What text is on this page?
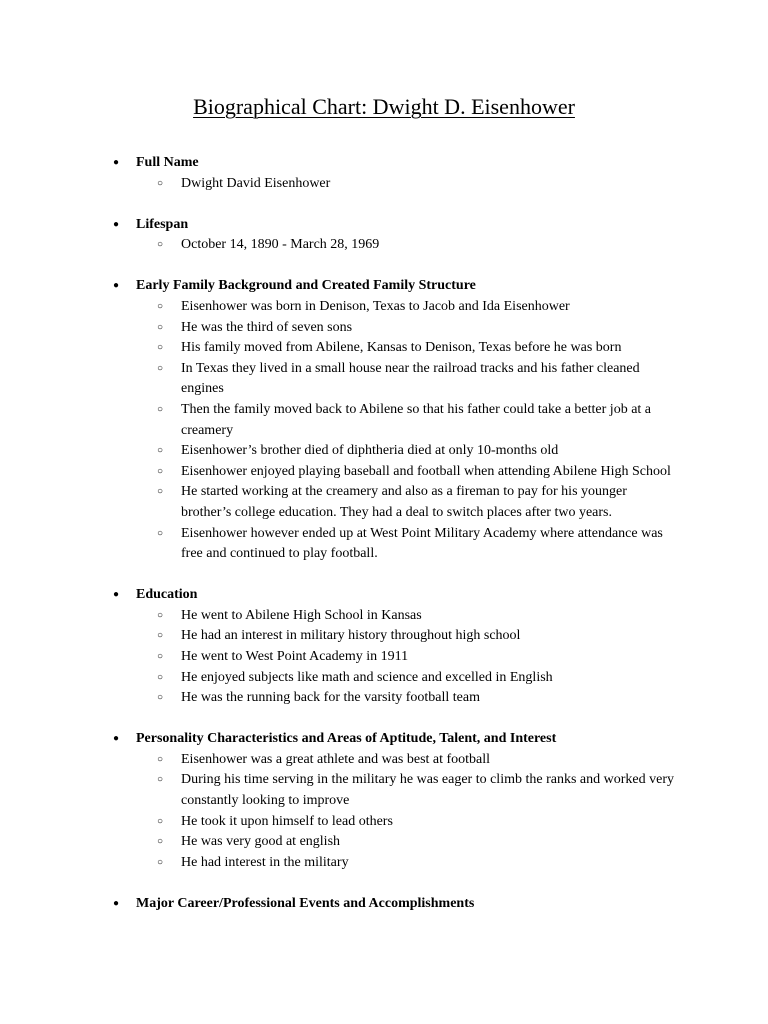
Biographical Chart: Dwight D. Eisenhower
● Full Name
○ Dwight David Eisenhower
● Lifespan
○ October 14, 1890 - March 28, 1969
● Early Family Background and Created Family Structure
○ Eisenhower was born in Denison, Texas to Jacob and Ida Eisenhower
○ He was the third of seven sons
○ His family moved from Abilene, Kansas to Denison, Texas before he was born
○ In Texas they lived in a small house near the railroad tracks and his father cleaned engines
○ Then the family moved back to Abilene so that his father could take a better job at a creamery
○ Eisenhower’s brother died of diphtheria died at only 10-months old
○ Eisenhower enjoyed playing baseball and football when attending Abilene High School
○ He started working at the creamery and also as a fireman to pay for his younger brother’s college education. They had a deal to switch places after two years.
○ Eisenhower however ended up at West Point Military Academy where attendance was free and continued to play football.
● Education
○ He went to Abilene High School in Kansas
○ He had an interest in military history throughout high school
○ He went to West Point Academy in 1911
○ He enjoyed subjects like math and science and excelled in English
○ He was the running back for the varsity football team
● Personality Characteristics and Areas of Aptitude, Talent, and Interest
○ Eisenhower was a great athlete and was best at football
○ During his time serving in the military he was eager to climb the ranks and worked very constantly looking to improve
○ He took it upon himself to lead others
○ He was very good at english
○ He had interest in the military
● Major Career/Professional Events and Accomplishments
